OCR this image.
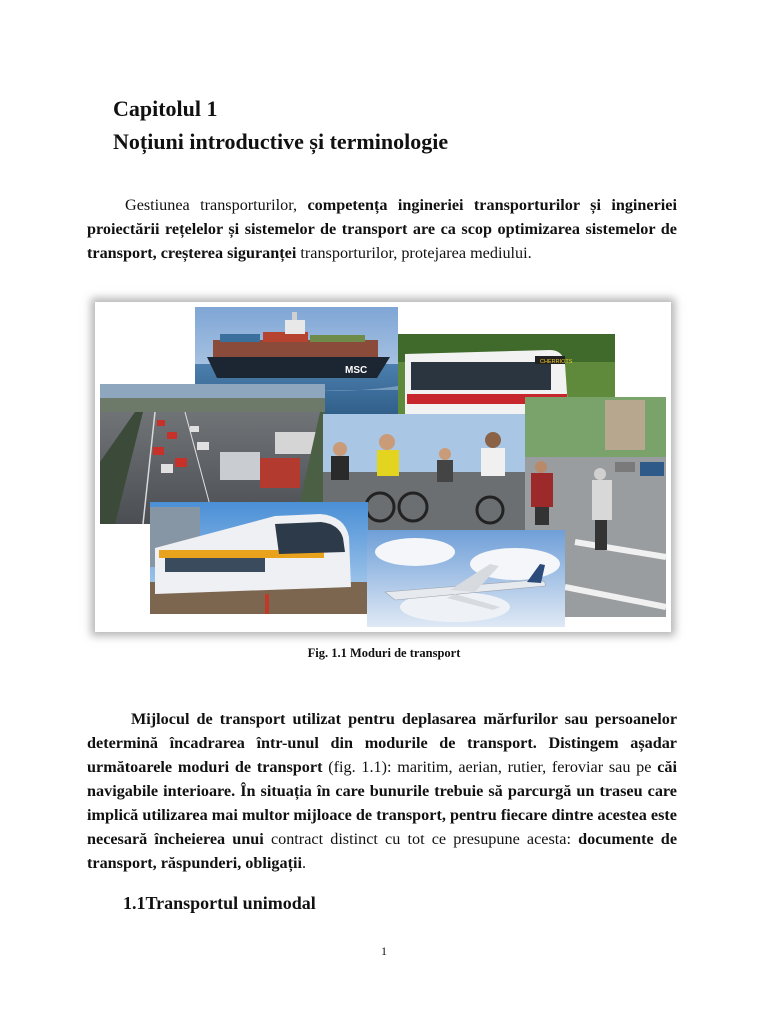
Capitolul 1
Noțiuni introductive și terminologie

Gestiunea transporturilor, competența ingineriei transporturilor și ingineriei proiectării rețelelor și sistemelor de transport are ca scop optimizarea sistemelor de transport, creșterea siguranței transporturilor, protejarea mediului.

MSC
CHERRIOTS
Fig. 1.1 Moduri de transport

Mijlocul de transport utilizat pentru deplasarea mărfurilor sau persoanelor determină încadrarea într-unul din modurile de transport. Distingem așadar următoarele moduri de transport (fig. 1.1): maritim, aerian, rutier, feroviar sau pe căi navigabile interioare. În situația în care bunurile trebuie să parcurgă un traseu care implică utilizarea mai multor mijloace de transport, pentru fiecare dintre acestea este necesară încheierea unui contract distinct cu tot ce presupune acesta: documente de transport, răspunderi, obligații.

1.1Transportul unimodal
1
